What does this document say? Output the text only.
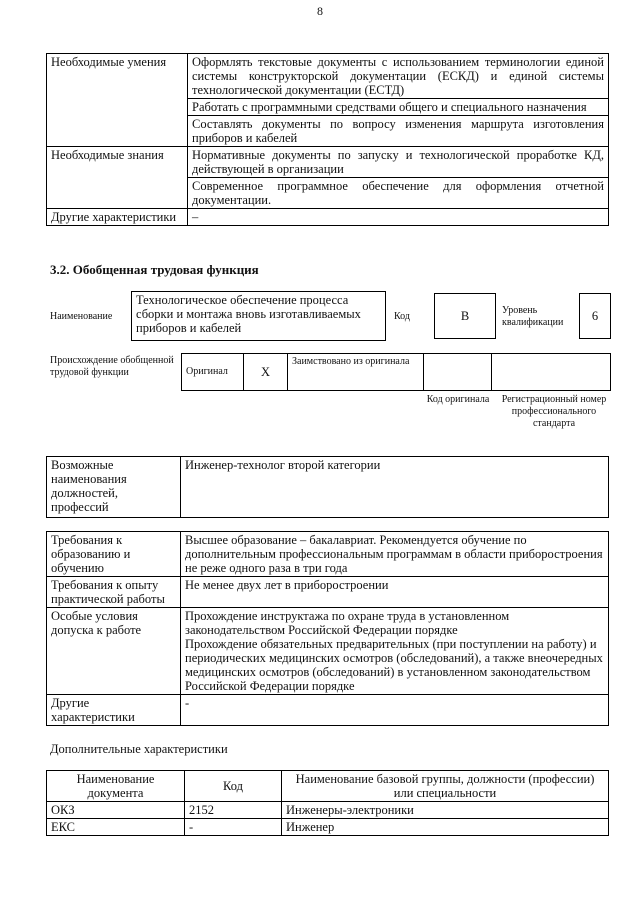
8
Необходимые умения	Оформлять текстовые документы с использованием терминологии единой системы конструкторской документации (ЕСКД) и единой системы технологической документации (ЕСТД)
	Работать с программными средствами общего и специального назначения
	Составлять документы по вопросу изменения маршрута изготовления приборов и кабелей
Необходимые знания	Нормативные документы по запуску и технологической проработке КД, действующей в организации
	Современное программное обеспечение для оформления отчетной документации.
Другие характеристики	–
3.2. Обобщенная трудовая функция
Наименование
Технологическое обеспечение процесса сборки и монтажа вновь изготавливаемых приборов и кабелей
Код	В	Уровень квалификации	6
Происхождение обобщенной трудовой функции	Оригинал	Х	Заимствовано из оригинала		
Код оригинала	Регистрационный номер профессионального стандарта
Возможные наименования должностей, профессий	Инженер-технолог второй категории
Требования к образованию и обучению	Высшее образование – бакалавриат. Рекомендуется обучение по дополнительным профессиональным программам в области приборостроения не реже одного раза в три года
Требования к опыту практической работы	Не менее двух лет в приборостроении
Особые условия допуска к работе	Прохождение инструктажа по охране труда в установленном законодательством Российской Федерации порядке
Прохождение обязательных предварительных (при поступлении на работу) и периодических медицинских осмотров (обследований), а также внеочередных медицинских осмотров (обследований) в установленном законодательством Российской Федерации порядке

Другие характеристики	-
Дополнительные характеристики
Наименование документа	Код	Наименование базовой группы, должности (профессии) или специальности
ОКЗ	2152	Инженеры-электроники
ЕКС	-	Инженер
